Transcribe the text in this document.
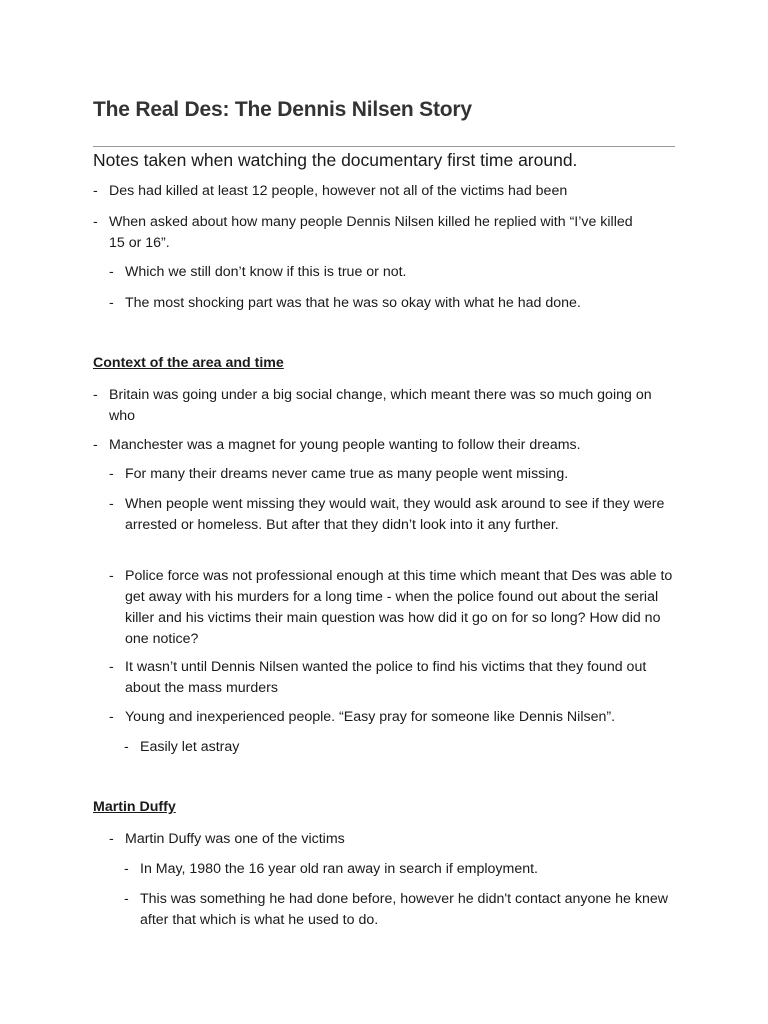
The Real Des: The Dennis Nilsen Story
Notes taken when watching the documentary first time around.
- Des had killed at least 12 people, however not all of the victims had been
- When asked about how many people Dennis Nilsen killed he replied with “I’ve killed 15 or 16”.
- Which we still don’t know if this is true or not.
- The most shocking part was that he was so okay with what he had done.
Context of the area and time
- Britain was going under a big social change, which meant there was so much going on who
- Manchester was a magnet for young people wanting to follow their dreams.
- For many their dreams never came true as many people went missing.
- When people went missing they would wait, they would ask around to see if they were arrested or homeless. But after that they didn’t look into it any further.
- Police force was not professional enough at this time which meant that Des was able to get away with his murders for a long time - when the police found out about the serial killer and his victims their main question was how did it go on for so long? How did no one notice?
- It wasn’t until Dennis Nilsen wanted the police to find his victims that they found out about the mass murders
- Young and inexperienced people. “Easy pray for someone like Dennis Nilsen”.
- Easily let astray
Martin Duffy
- Martin Duffy was one of the victims
- In May, 1980 the 16 year old ran away in search if employment.
- This was something he had done before, however he didn't contact anyone he knew after that which is what he used to do.
